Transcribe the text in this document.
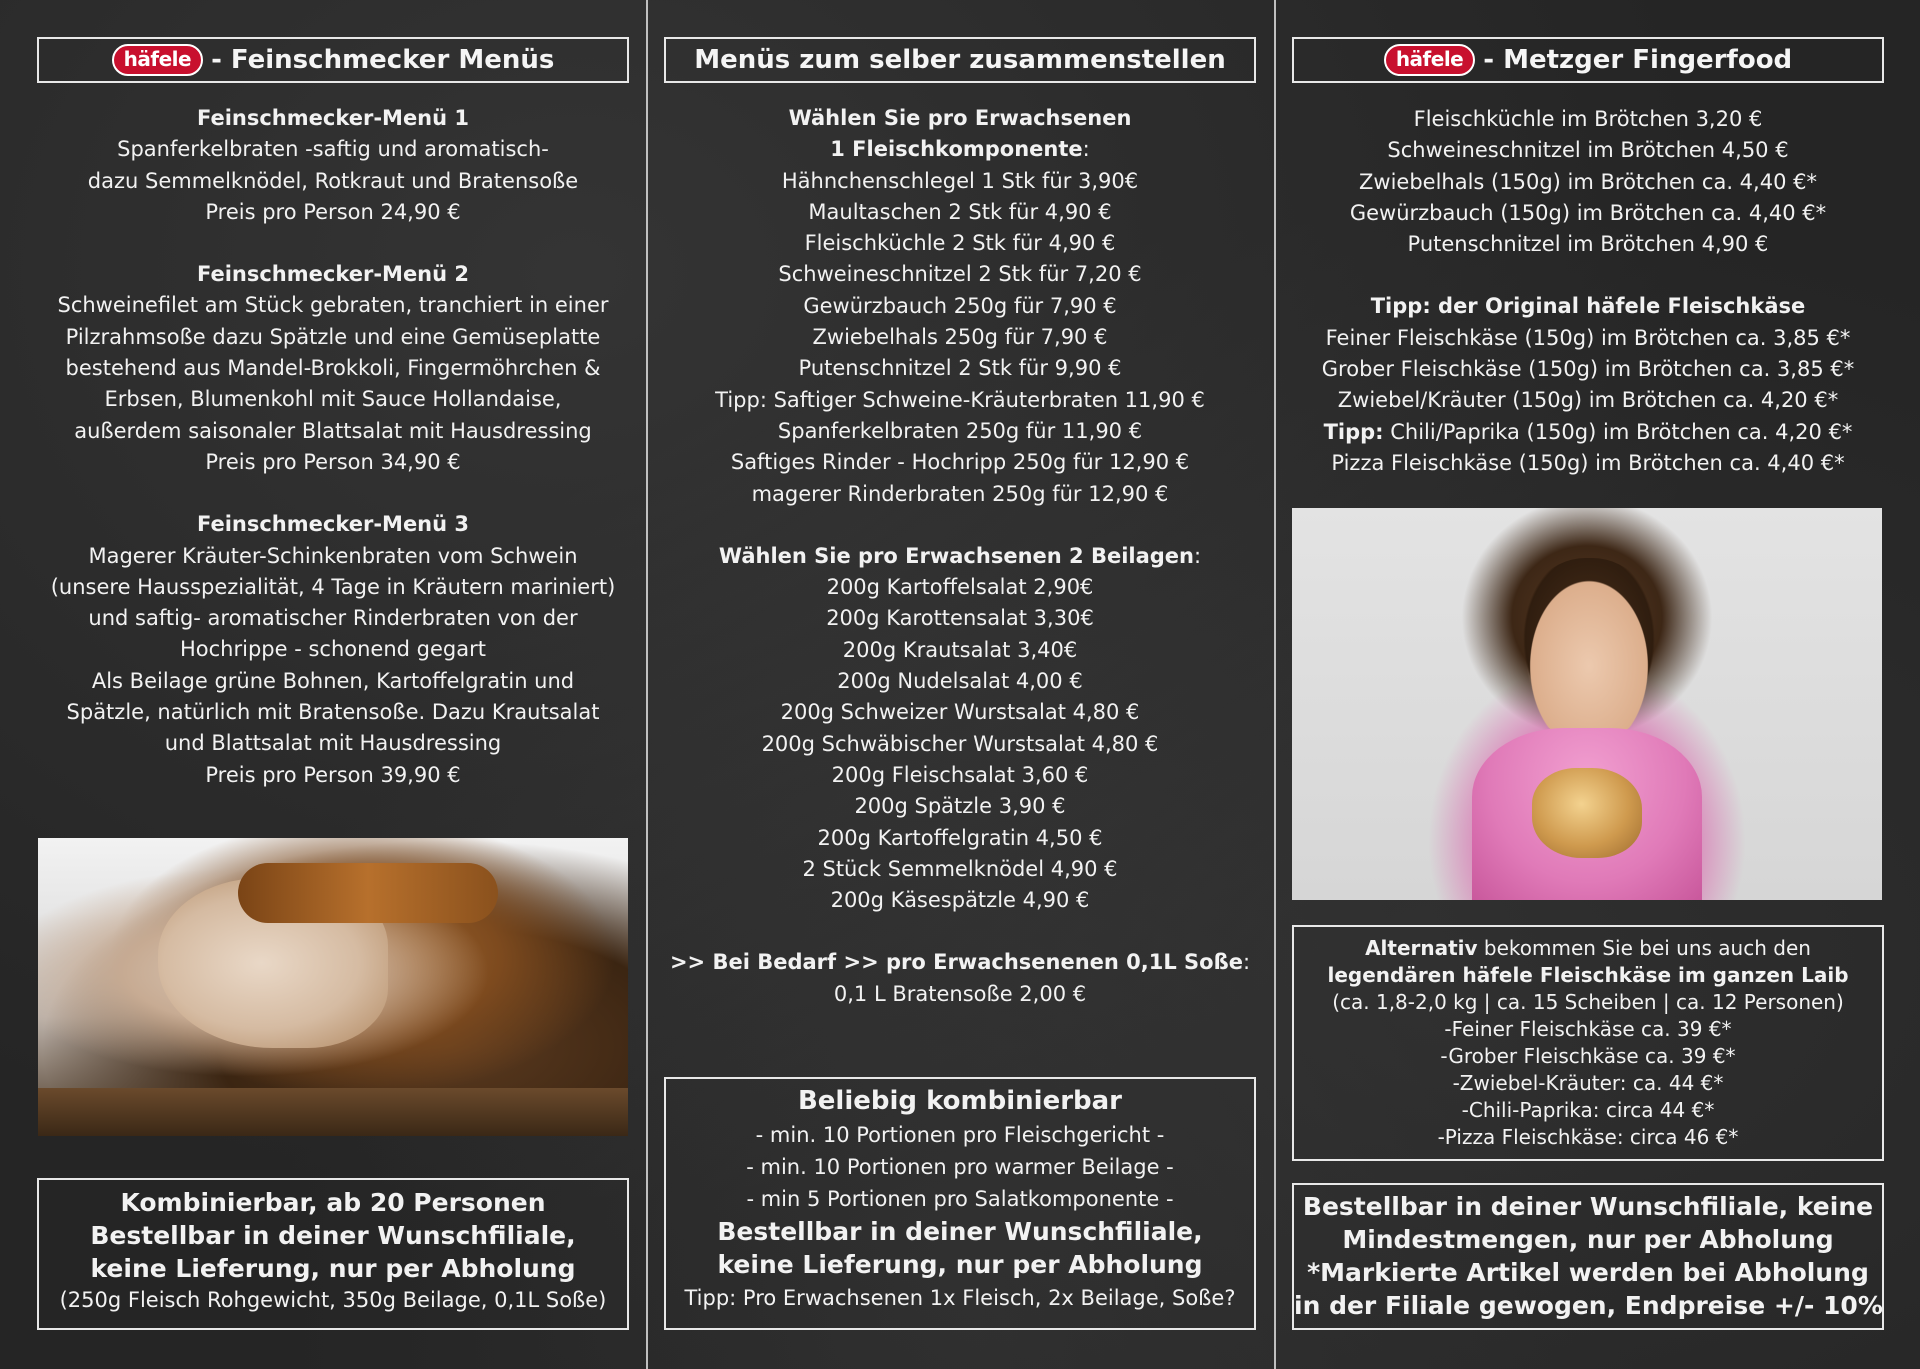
häfele - Feinschmecker Menüs
Feinschmecker-Menü 1
Spanferkelbraten -saftig und aromatisch-
dazu Semmelknödel, Rotkraut und Bratensoße
Preis pro Person 24,90 €
Feinschmecker-Menü 2
Schweinefilet am Stück gebraten, tranchiert in einer
Pilzrahmsoße dazu Spätzle und eine Gemüseplatte
bestehend aus Mandel-Brokkoli, Fingermöhrchen &
Erbsen, Blumenkohl mit Sauce Hollandaise,
außerdem saisonaler Blattsalat mit Hausdressing
Preis pro Person 34,90 €
Feinschmecker-Menü 3
Magerer Kräuter-Schinkenbraten vom Schwein
(unsere Hausspezialität, 4 Tage in Kräutern mariniert)
und saftig- aromatischer Rinderbraten von der
Hochrippe - schonend gegart
Als Beilage grüne Bohnen, Kartoffelgratin und
Spätzle, natürlich mit Bratensoße. Dazu Krautsalat
und Blattsalat mit Hausdressing
Preis pro Person 39,90 €
Kombinierbar, ab 20 Personen
Bestellbar in deiner Wunschfiliale,
keine Lieferung, nur per Abholung
(250g Fleisch Rohgewicht, 350g Beilage, 0,1L Soße)
Menüs zum selber zusammenstellen
Wählen Sie pro Erwachsenen
1 Fleischkomponente:
Hähnchenschlegel 1 Stk für 3,90€
Maultaschen 2 Stk für 4,90 €
Fleischküchle 2 Stk für 4,90 €
Schweineschnitzel 2 Stk für 7,20 €
Gewürzbauch 250g für 7,90 €
Zwiebelhals 250g für 7,90 €
Putenschnitzel 2 Stk für 9,90 €
Tipp: Saftiger Schweine-Kräuterbraten 11,90 €
Spanferkelbraten 250g für 11,90 €
Saftiges Rinder - Hochripp 250g für 12,90 €
magerer Rinderbraten 250g für 12,90 €
Wählen Sie pro Erwachsenen 2 Beilagen:
200g Kartoffelsalat 2,90€
200g Karottensalat 3,30€
200g Krautsalat 3,40€
200g Nudelsalat 4,00 €
200g Schweizer Wurstsalat 4,80 €
200g Schwäbischer Wurstsalat 4,80 €
200g Fleischsalat 3,60 €
200g Spätzle 3,90 €
200g Kartoffelgratin 4,50 €
2 Stück Semmelknödel 4,90 €
200g Käsespätzle 4,90 €
>> Bei Bedarf >> pro Erwachsenenen 0,1L Soße:
0,1 L Bratensoße 2,00 €
Beliebig kombinierbar
- min. 10 Portionen pro Fleischgericht -
- min. 10 Portionen pro warmer Beilage -
- min 5 Portionen pro Salatkomponente -
Bestellbar in deiner Wunschfiliale,
keine Lieferung, nur per Abholung
Tipp: Pro Erwachsenen 1x Fleisch, 2x Beilage, Soße?
häfele - Metzger Fingerfood
Fleischküchle im Brötchen 3,20 €
Schweineschnitzel im Brötchen 4,50 €
Zwiebelhals (150g) im Brötchen ca. 4,40 €*
Gewürzbauch (150g) im Brötchen ca. 4,40 €*
Putenschnitzel im Brötchen 4,90 €
Tipp: der Original häfele Fleischkäse
Feiner Fleischkäse (150g) im Brötchen ca. 3,85 €*
Grober Fleischkäse (150g) im Brötchen ca. 3,85 €*
Zwiebel/Kräuter (150g) im Brötchen ca. 4,20 €*
Tipp: Chili/Paprika (150g) im Brötchen ca. 4,20 €*
Pizza Fleischkäse (150g) im Brötchen ca. 4,40 €*
Alternativ bekommen Sie bei uns auch den
legendären häfele Fleischkäse im ganzen Laib
(ca. 1,8-2,0 kg | ca. 15 Scheiben | ca. 12 Personen)
-Feiner Fleischkäse ca. 39 €*
-Grober Fleischkäse ca. 39 €*
-Zwiebel-Kräuter: ca. 44 €*
-Chili-Paprika: circa 44 €*
-Pizza Fleischkäse: circa 46 €*
Bestellbar in deiner Wunschfiliale, keine
Mindestmengen, nur per Abholung
*Markierte Artikel werden bei Abholung
in der Filiale gewogen, Endpreise +/- 10%
